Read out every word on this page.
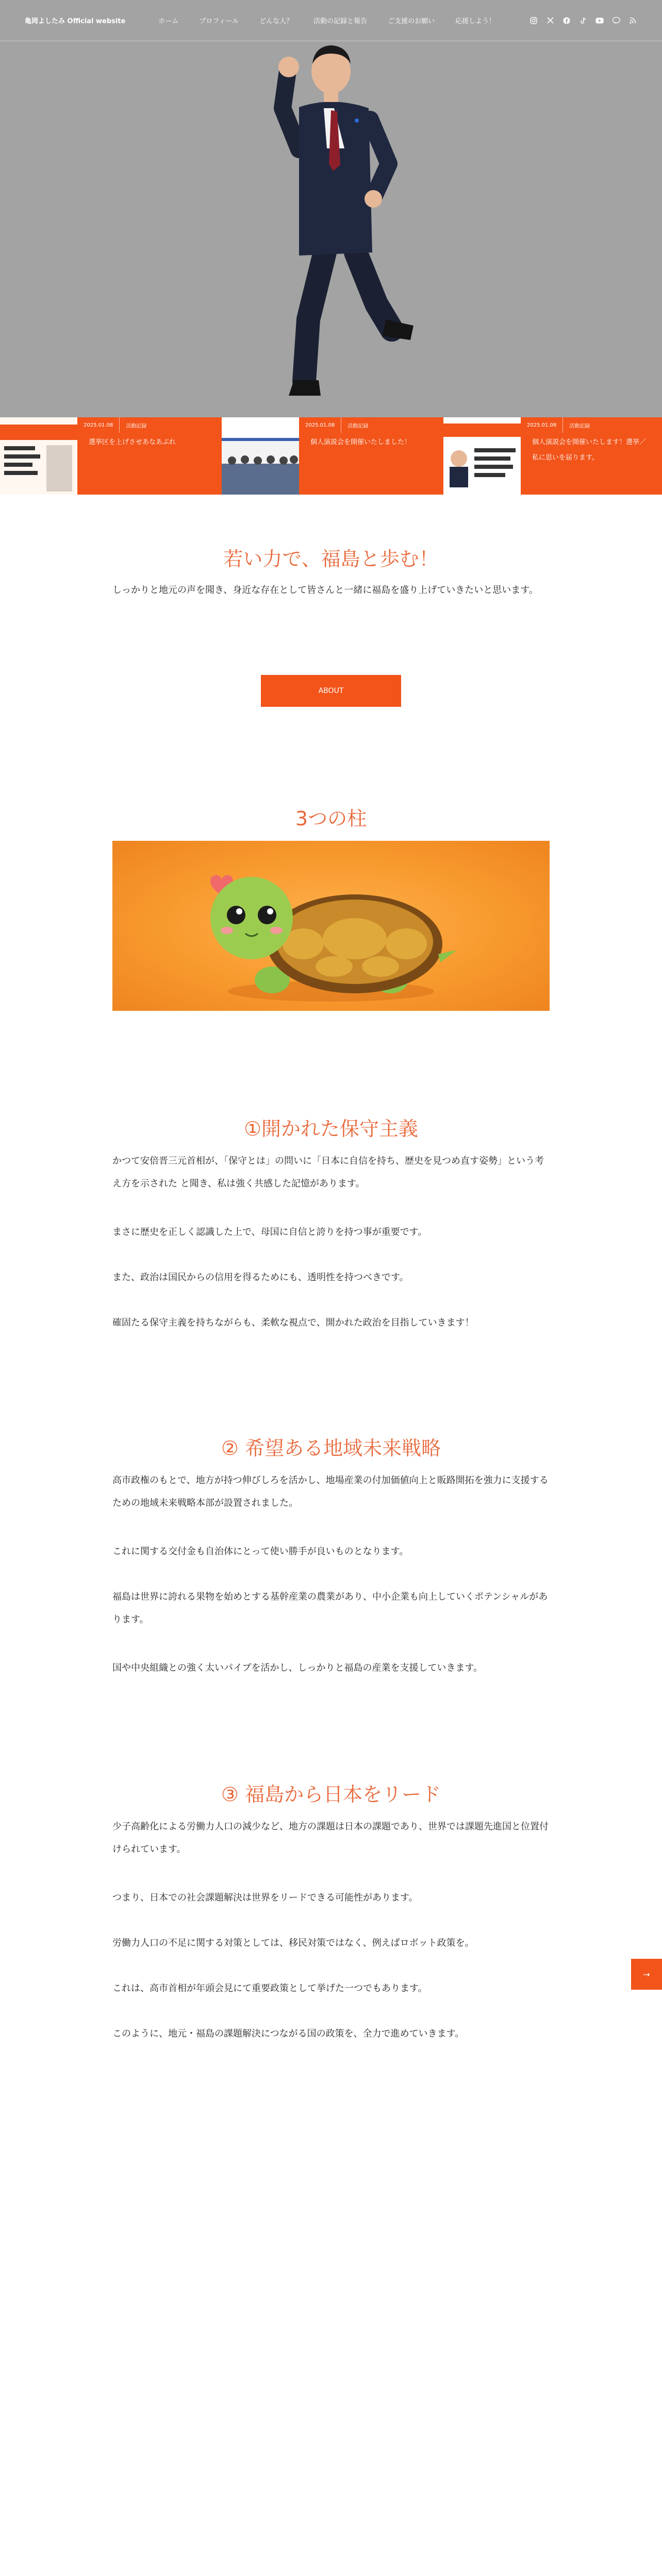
亀岡よしたみ Official website	ホーム	プロフィール	どんな人？	活動の記録と報告	ご支援のお願い	応援しよう！
2025.01.08	活動記録
選挙区を上げさせあなあぶれ
2025.01.08	活動記録
個人演説会を開催いたしました！
2025.01.08	活動記録
個人演説会を開催いたします！選挙／私に思いを届ります。
若い力で、福島と歩む！
しっかりと地元の声を聞き、身近な存在として皆さんと一緒に福島を盛り上げていきたいと思います。
ABOUT
3つの柱
①開かれた保守主義
かつて安倍晋三元首相が、「保守とは」の問いに「日本に自信を持ち、歴史を見つめ直す姿勢」という考え方を示された と聞き、私は強く共感した記憶があります。
まさに歴史を正しく認識した上で、母国に自信と誇りを持つ事が重要です。
また、政治は国民からの信用を得るためにも、透明性を持つべきです。
確固たる保守主義を持ちながらも、柔軟な視点で、開かれた政治を目指していきます！
② 希望ある地域未来戦略
高市政権のもとで、地方が持つ伸びしろを活かし、地場産業の付加価値向上と販路開拓を強力に支援するための地域未来戦略本部が設置されました。
これに関する交付金も自治体にとって使い勝手が良いものとなります。
福島は世界に誇れる果物を始めとする基幹産業の農業があり、中小企業も向上していくポテンシャルがあります。
国や中央組織との強く太いパイプを活かし、しっかりと福島の産業を支援していきます。
③ 福島から日本をリード
少子高齢化による労働力人口の減少など、地方の課題は日本の課題であり、世界では課題先進国と位置付けられています。
つまり、日本での社会課題解決は世界をリードできる可能性があります。
労働力人口の不足に関する対策としては、移民対策ではなく、例えばロボット政策を。
これは、高市首相が年頭会見にて重要政策として挙げた一つでもあります。
このように、地元・福島の課題解決につながる国の政策を、全力で進めていきます。
→
